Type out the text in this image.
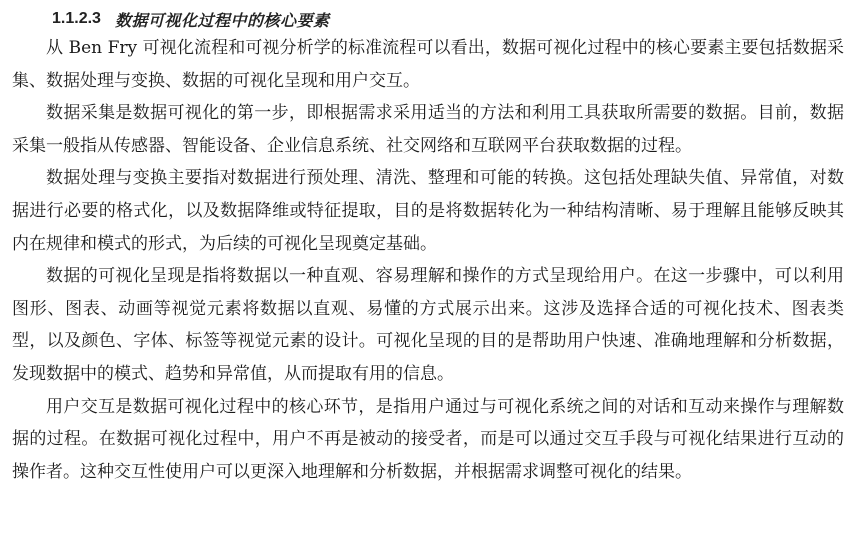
1.1.2.3 数据可视化过程中的核心要素

从 Ben Fry 可视化流程和可视分析学的标准流程可以看出，数据可视化过程中的核心要素主要包括数据采集、数据处理与变换、数据的可视化呈现和用户交互。

数据采集是数据可视化的第一步，即根据需求采用适当的方法和利用工具获取所需要的数据。目前，数据采集一般指从传感器、智能设备、企业信息系统、社交网络和互联网平台获取数据的过程。

数据处理与变换主要指对数据进行预处理、清洗、整理和可能的转换。这包括处理缺失值、异常值，对数据进行必要的格式化，以及数据降维或特征提取，目的是将数据转化为一种结构清晰、易于理解且能够反映其内在规律和模式的形式，为后续的可视化呈现奠定基础。

数据的可视化呈现是指将数据以一种直观、容易理解和操作的方式呈现给用户。在这一步骤中，可以利用图形、图表、动画等视觉元素将数据以直观、易懂的方式展示出来。这涉及选择合适的可视化技术、图表类型，以及颜色、字体、标签等视觉元素的设计。可视化呈现的目的是帮助用户快速、准确地理解和分析数据，发现数据中的模式、趋势和异常值，从而提取有用的信息。

用户交互是数据可视化过程中的核心环节，是指用户通过与可视化系统之间的对话和互动来操作与理解数据的过程。在数据可视化过程中，用户不再是被动的接受者，而是可以通过交互手段与可视化结果进行互动的操作者。这种交互性使用户可以更深入地理解和分析数据，并根据需求调整可视化的结果。
